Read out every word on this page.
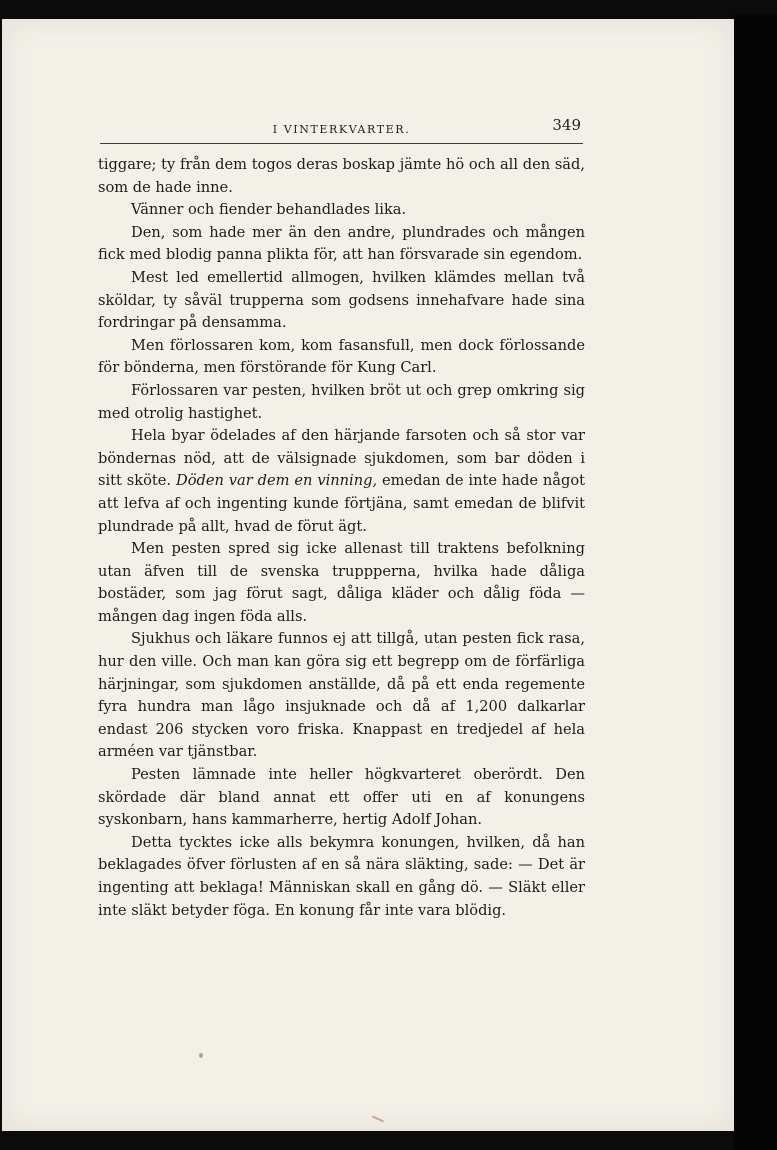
I VINTERKVARTER.	349

tiggare; ty från dem togos deras boskap jämte hö och all den säd, som de hade inne.

Vänner och fiender behandlades lika.

Den, som hade mer än den andre, plundrades och mången fick med blodig panna plikta för, att han försvarade sin egendom.

Mest led emellertid allmogen, hvilken klämdes mellan två sköldar, ty såväl trupperna som godsens innehafvare hade sina fordringar på densamma.

Men förlossaren kom, kom fasansfull, men dock förlossande för bönderna, men förstörande för Kung Carl.

Förlossaren var pesten, hvilken bröt ut och grep omkring sig med otrolig hastighet.

Hela byar ödelades af den härjande farsoten och så stor var böndernas nöd, att de välsignade sjukdomen, som bar döden i sitt sköte. Döden var dem en vinning, emedan de inte hade något att lefva af och ingenting kunde förtjäna, samt emedan de blifvit plundrade på allt, hvad de förut ägt.

Men pesten spred sig icke allenast till traktens befolkning utan äfven till de svenska truppperna, hvilka hade dåliga bostäder, som jag förut sagt, dåliga kläder och dålig föda — mången dag ingen föda alls.

Sjukhus och läkare funnos ej att tillgå, utan pesten fick rasa, hur den ville. Och man kan göra sig ett begrepp om de förfärliga härjningar, som sjukdomen anställde, då på ett enda regemente fyra hundra man lågo insjuknade och då af 1,200 dalkarlar endast 206 stycken voro friska. Knappast en tredjedel af hela arméen var tjänstbar.

Pesten lämnade inte heller högkvarteret oberördt. Den skördade där bland annat ett offer uti en af konungens syskonbarn, hans kammarherre, hertig Adolf Johan.

Detta tycktes icke alls bekymra konungen, hvilken, då han beklagades öfver förlusten af en så nära släkting, sade: — Det är ingenting att beklaga! Människan skall en gång dö. — Släkt eller inte släkt betyder föga. En konung får inte vara blödig.
